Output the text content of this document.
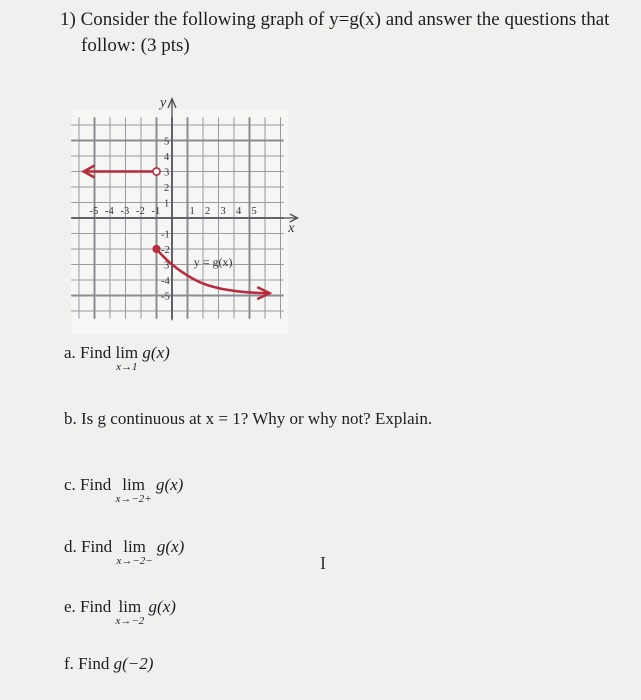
1) Consider the following graph of y=g(x) and answer the questions that
follow: (3 pts)
-5 -4 -3 -2 -1	1 2 3 4 5
5
4
3
2
1
-1
-2
3
-4
-5
y
x
y = g(x)
a. Find lim
x→1
g(x)
b. Is g continuous at x = 1? Why or why not? Explain.
c. Find lim
x→−2+
g(x)
d. Find lim
x→−2−
g(x)
e. Find lim
x→−2
g(x)
f. Find g(−2)
I
